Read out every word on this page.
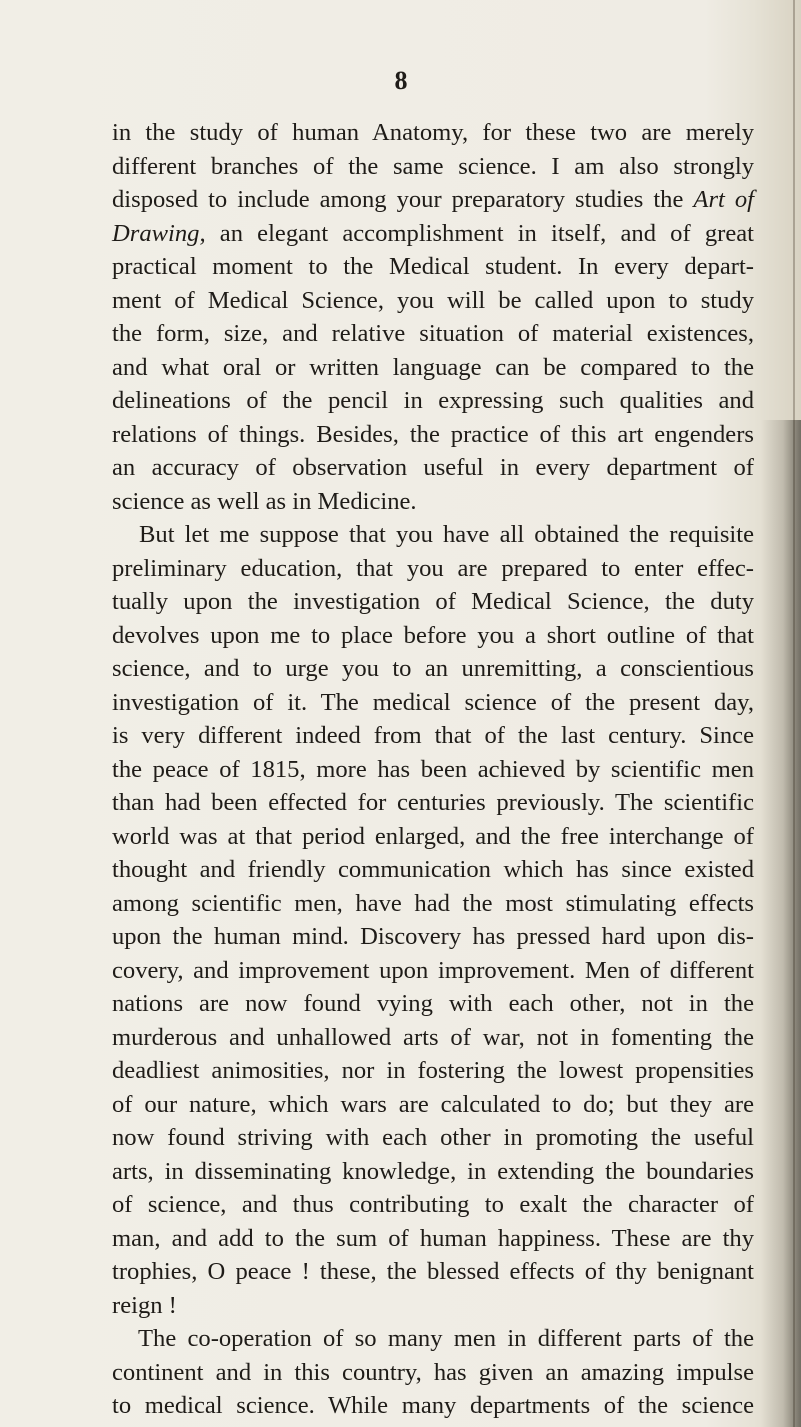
8
in the study of human Anatomy, for these two are merely
different branches of the same science. I am also strongly
disposed to include among your preparatory studies the Art of
Drawing, an elegant accomplishment in itself, and of great
practical moment to the Medical student. In every depart-
ment of Medical Science, you will be called upon to study
the form, size, and relative situation of material existences,
and what oral or written language can be compared to the
delineations of the pencil in expressing such qualities and
relations of things. Besides, the practice of this art engenders
an accuracy of observation useful in every department of
science as well as in Medicine.
But let me suppose that you have all obtained the requisite
preliminary education, that you are prepared to enter effec-
tually upon the investigation of Medical Science, the duty
devolves upon me to place before you a short outline of that
science, and to urge you to an unremitting, a conscientious
investigation of it. The medical science of the present day,
is very different indeed from that of the last century. Since
the peace of 1815, more has been achieved by scientific men
than had been effected for centuries previously. The scientific
world was at that period enlarged, and the free interchange of
thought and friendly communication which has since existed
among scientific men, have had the most stimulating effects
upon the human mind. Discovery has pressed hard upon dis-
covery, and improvement upon improvement. Men of different
nations are now found vying with each other, not in the
murderous and unhallowed arts of war, not in fomenting the
deadliest animosities, nor in fostering the lowest propensities
of our nature, which wars are calculated to do; but they are
now found striving with each other in promoting the useful
arts, in disseminating knowledge, in extending the boundaries
of science, and thus contributing to exalt the character of
man, and add to the sum of human happiness. These are thy
trophies, O peace ! these, the blessed effects of thy benignant
reign !
The co-operation of so many men in different parts of the
continent and in this country, has given an amazing impulse
to medical science. While many departments of the science
